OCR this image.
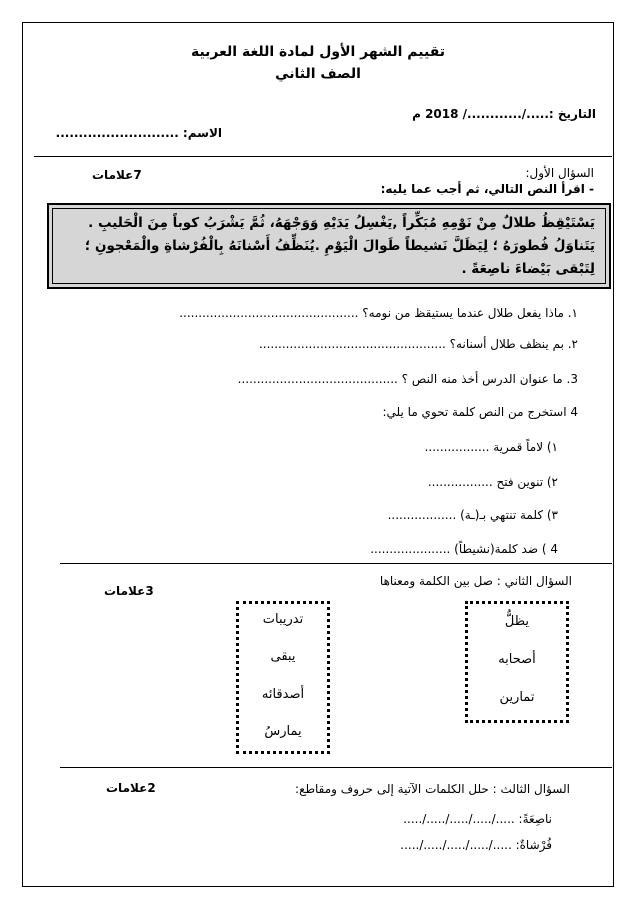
تقييم الشهر الأول لمادة اللغة العربية
الصف الثاني
التاريخ :...../............/ 2018 م
الاسم: ...........................
السؤال الأول:
7علامات
- اقرأ النص التالي، ثم أجب عما يليه:
يَسْتَيْقِظُ طلالٌ مِنْ نَوْمِهِ مُبَكِّراً ,يَغْسِلُ يَدَيْهِ وَوَجْهَهُ، ثُمَّ يَشْرَبُ كوباً مِنَ الْحَليبِ .
يَتَناوَلُ فُطورَهُ ؛ لِيَظَلَّ نَشيطاً طَوالَ الْيَوْمِ .يُنَظِّفُ أَسْنانَهُ بِالْفُرْشاةِ والْمَعْجونِ ؛
لِتَبْقى بَيْضاءَ ناصِعَةً .
١. ماذا يفعل طلال عندما يستيقظ من نومه؟ ...............................................
٢. بم ينظف طلال أسنانه؟ .................................................
3. ما عنوان الدرس أخذ منه النص ؟ ..........................................
4 استخرج من النص كلمة تحوي ما يلي:
١) لاماً قمرية .................
٢) تنوين فتح .................
٣) كلمة تنتهي بـ(ـة) ..................
4 ) ضد كلمة(نشيطاً) .....................
السؤال الثاني : صل بين الكلمة ومعناها
3علامات
تدريبات
يبقى
أصدقائه
يمارسُ
يظلُّ
أصحابه
تمارين
2علامات	السؤال الثالث : حلل الكلمات الآتية إلى حروف ومقاطع:
ناصِعَةً: ...../...../...../...../.....
فُرْشاةٌ: ...../...../...../...../.....
